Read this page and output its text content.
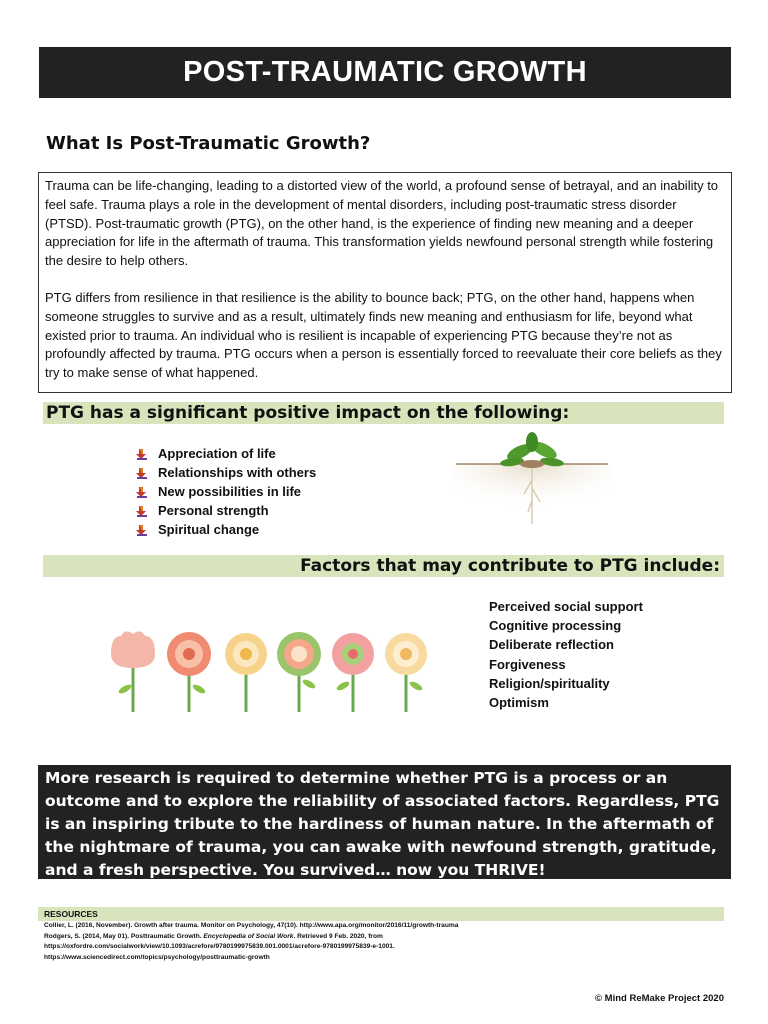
POST-TRAUMATIC GROWTH
What Is Post-Traumatic Growth?

Trauma can be life-changing, leading to a distorted view of the world, a profound sense of betrayal, and an inability to feel safe. Trauma plays a role in the development of mental disorders, including post-traumatic stress disorder (PTSD). Post-traumatic growth (PTG), on the other hand, is the experience of finding new meaning and a deeper appreciation for life in the aftermath of trauma. This transformation yields newfound personal strength while fostering the desire to help others.

PTG differs from resilience in that resilience is the ability to bounce back; PTG, on the other hand, happens when someone struggles to survive and as a result, ultimately finds new meaning and enthusiasm for life, beyond what existed prior to trauma. An individual who is resilient is incapable of experiencing PTG because they’re not as profoundly affected by trauma. PTG occurs when a person is essentially forced to reevaluate their core beliefs as they try to make sense of what happened.

PTG has a significant positive impact on the following:
Appreciation of life
Relationships with others
New possibilities in life
Personal strength
Spiritual change
Factors that may contribute to PTG include:
Perceived social support
Cognitive processing
Deliberate reflection
Forgiveness
Religion/spirituality
Optimism
More research is required to determine whether PTG is a process or an outcome and to explore the reliability of associated factors. Regardless, PTG is an inspiring tribute to the hardiness of human nature. In the aftermath of the nightmare of trauma, you can awake with newfound strength, gratitude, and a fresh perspective. You survived… now you THRIVE!
RESOURCES
Collier, L. (2016, November). Growth after trauma. Monitor on Psychology, 47(10). http://www.apa.org/monitor/2016/11/growth-trauma
Rodgers, S. (2014, May 01). Posttraumatic Growth. Encyclopedia of Social Work. Retrieved 9 Feb. 2020, from
https://oxfordre.com/socialwork/view/10.1093/acrefore/9780199975839.001.0001/acrefore-9780199975839-e-1001.
https://www.sciencedirect.com/topics/psychology/posttraumatic-growth
© Mind ReMake Project 2020
